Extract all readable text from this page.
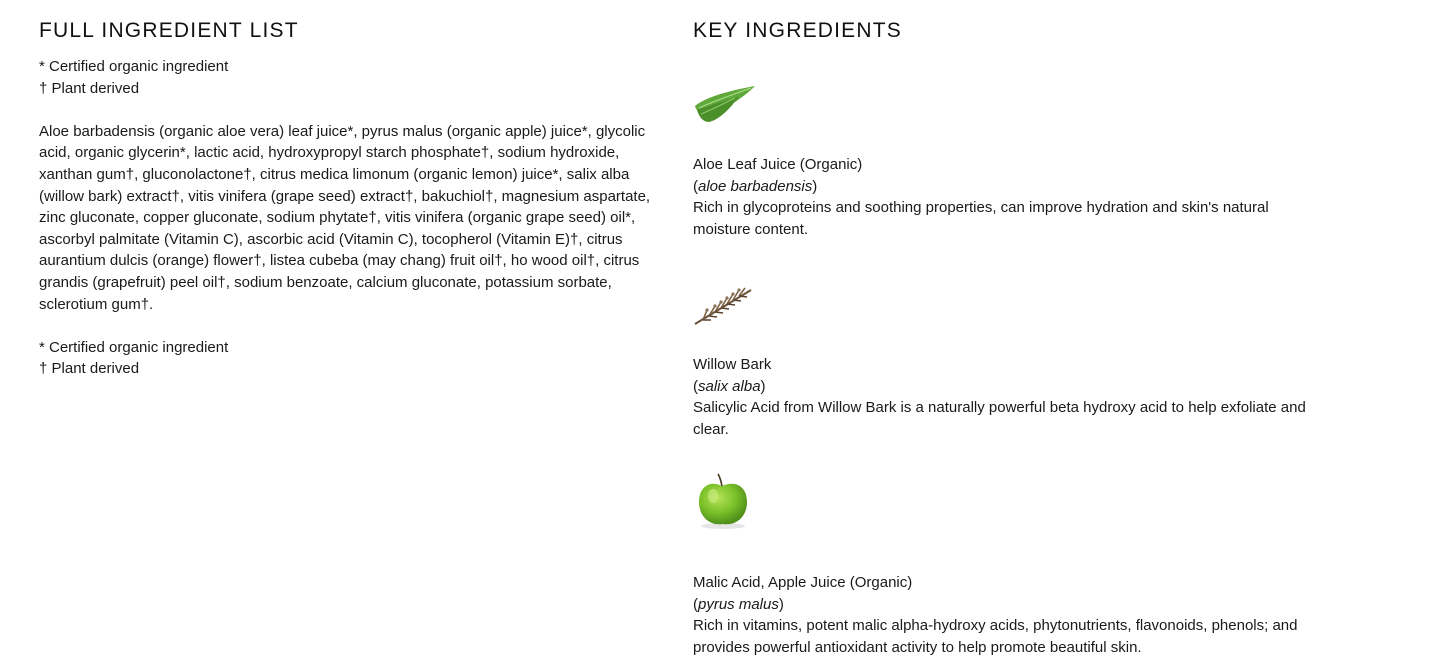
FULL INGREDIENT LIST
* Certified organic ingredient
† Plant derived

Aloe barbadensis (organic aloe vera) leaf juice*, pyrus malus (organic apple) juice*, glycolic acid, organic glycerin*, lactic acid, hydroxypropyl starch phosphate†, sodium hydroxide, xanthan gum†, gluconolactone†, citrus medica limonum (organic lemon) juice*, salix alba (willow bark) extract†, vitis vinifera (grape seed) extract†, bakuchiol†, magnesium aspartate, zinc gluconate, copper gluconate, sodium phytate†, vitis vinifera (organic grape seed) oil*, ascorbyl palmitate (Vitamin C), ascorbic acid (Vitamin C), tocopherol (Vitamin E)†, citrus aurantium dulcis (orange) flower†, listea cubeba (may chang) fruit oil†, ho wood oil†, citrus grandis (grapefruit) peel oil†, sodium benzoate, calcium gluconate, potassium sorbate, sclerotium gum†.

* Certified organic ingredient
† Plant derived
KEY INGREDIENTS
Aloe Leaf Juice (Organic)
(aloe barbadensis)
Rich in glycoproteins and soothing properties, can improve hydration and skin's natural moisture content.
Willow Bark
(salix alba)
Salicylic Acid from Willow Bark is a naturally powerful beta hydroxy acid to help exfoliate and clear.
Malic Acid, Apple Juice (Organic)
(pyrus malus)
Rich in vitamins, potent malic alpha-hydroxy acids, phytonutrients, flavonoids, phenols; and provides powerful antioxidant activity to help promote beautiful skin.
